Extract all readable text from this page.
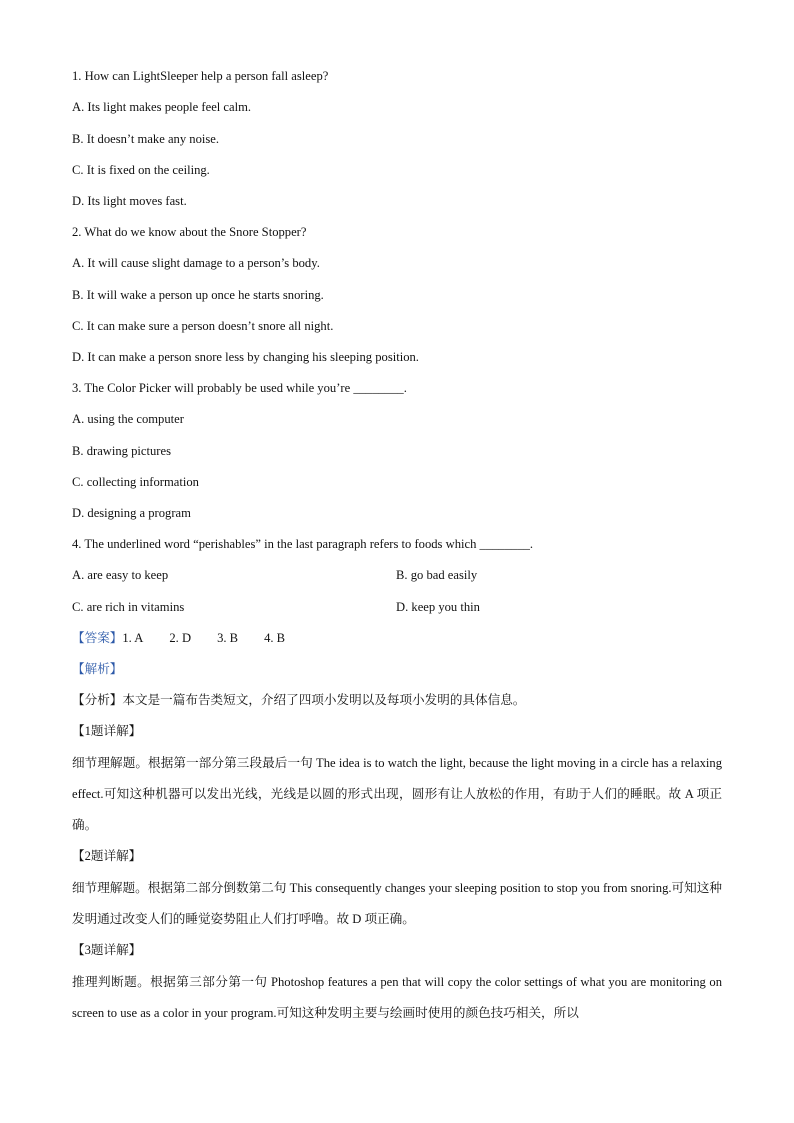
1. How can LightSleeper help a person fall asleep?
A. Its light makes people feel calm.
B. It doesn’t make any noise.
C. It is fixed on the ceiling.
D. Its light moves fast.
2. What do we know about the Snore Stopper?
A. It will cause slight damage to a person’s body.
B. It will wake a person up once he starts snoring.
C. It can make sure a person doesn’t snore all night.
D. It can make a person snore less by changing his sleeping position.
3. The Color Picker will probably be used while you’re ________.
A. using the computer
B. drawing pictures
C. collecting information
D. designing a program
4. The underlined word “perishables” in the last paragraph refers to foods which ________.
A. are easy to keep	B. go bad easily
C. are rich in vitamins	D. keep you thin
【答案】1. A 2. D 3. B 4. B
【解析】
【分析】本文是一篇布告类短文，介绍了四项小发明以及每项小发明的具体信息。
【1题详解】
细节理解题。根据第一部分第三段最后一句 The idea is to watch the light, because the light moving in a circle has a relaxing effect.可知这种机器可以发出光线，光线是以圆的形式出现，圆形有让人放松的作用，有助于人们的睡眠。故 A 项正确。
【2题详解】
细节理解题。根据第二部分倒数第二句 This consequently changes your sleeping position to stop you from snoring.可知这种发明通过改变人们的睡觉姿势阻止人们打呼噜。故 D 项正确。
【3题详解】
推理判断题。根据第三部分第一句 Photoshop features a pen that will copy the color settings of what you are monitoring on screen to use as a color in your program.可知这种发明主要与绘画时使用的颜色技巧相关，所以
